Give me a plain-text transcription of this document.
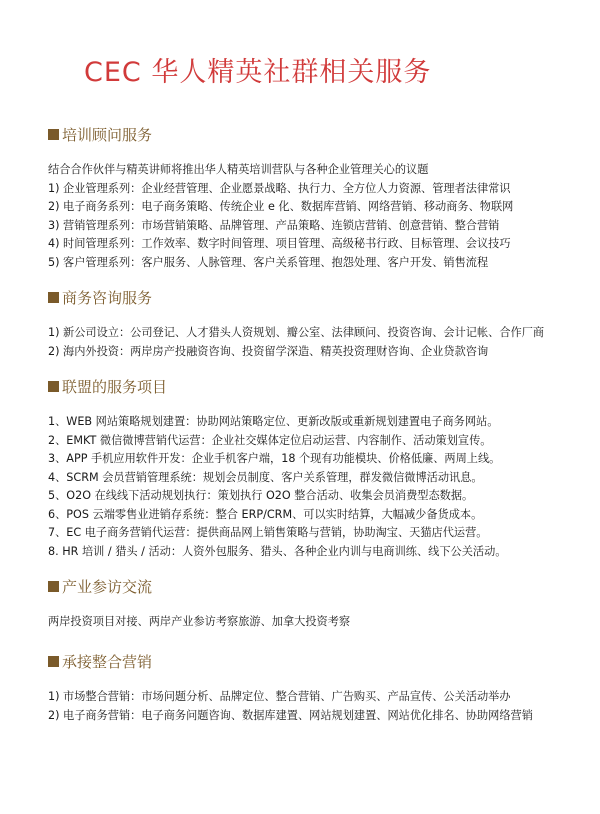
CEC 华人精英社群相关服务
培训顾问服务
结合合作伙伴与精英讲师将推出华人精英培训营队与各种企业管理关心的议题
1) 企业管理系列：企业经营管理、企业愿景战略、执行力、全方位人力资源、管理者法律常识
2) 电子商务系列：电子商务策略、传统企业 e 化、数据库营销、网络营销、移动商务、物联网
3) 营销管理系列：市场营销策略、品牌管理、产品策略、连锁店营销、创意营销、整合营销
4) 时间管理系列：工作效率、数字时间管理、项目管理、高级秘书行政、目标管理、会议技巧
5) 客户管理系列：客户服务、人脉管理、客户关系管理、抱怨处理、客户开发、销售流程
商务咨询服务
1) 新公司设立：公司登记、人才猎头人资规划、瓣公室、法律顾问、投资咨询、会计记帐、合作厂商
2) 海内外投资：两岸房产投融资咨询、投资留学深造、精英投资理财咨询、企业贷款咨询
联盟的服务项目
1、WEB 网站策略规划建置：协助网站策略定位、更新改版或重新规划建置电子商务网站。
2、EMKT 微信微博营销代运营：企业社交媒体定位启动运营、内容制作、活动策划宣传。
3、APP 手机应用软件开发：企业手机客户端，18 个现有功能模块、价格低廉、两周上线。
4、SCRM 会员营销管理系统：规划会员制度、客户关系管理，群发微信微博活动讯息。
5、O2O 在线线下活动规划执行：策划执行 O2O 整合活动、收集会员消费型态数据。
6、POS 云端零售业进销存系统：整合 ERP/CRM、可以实时结算，大幅减少备货成本。
7、EC 电子商务营销代运营：提供商品网上销售策略与营销，协助淘宝、天猫店代运营。
8. HR 培训 / 猎头 / 活动：人资外包服务、猎头、各种企业内训与电商训练、线下公关活动。
产业参访交流
两岸投资项目对接、两岸产业参访考察旅游、加拿大投资考察
承接整合营销
1) 市场整合营销：市场问题分析、品牌定位、整合营销、广告购买、产品宣传、公关活动举办
2) 电子商务营销：电子商务问题咨询、数据库建置、网站规划建置、网站优化排名、协助网络营销
